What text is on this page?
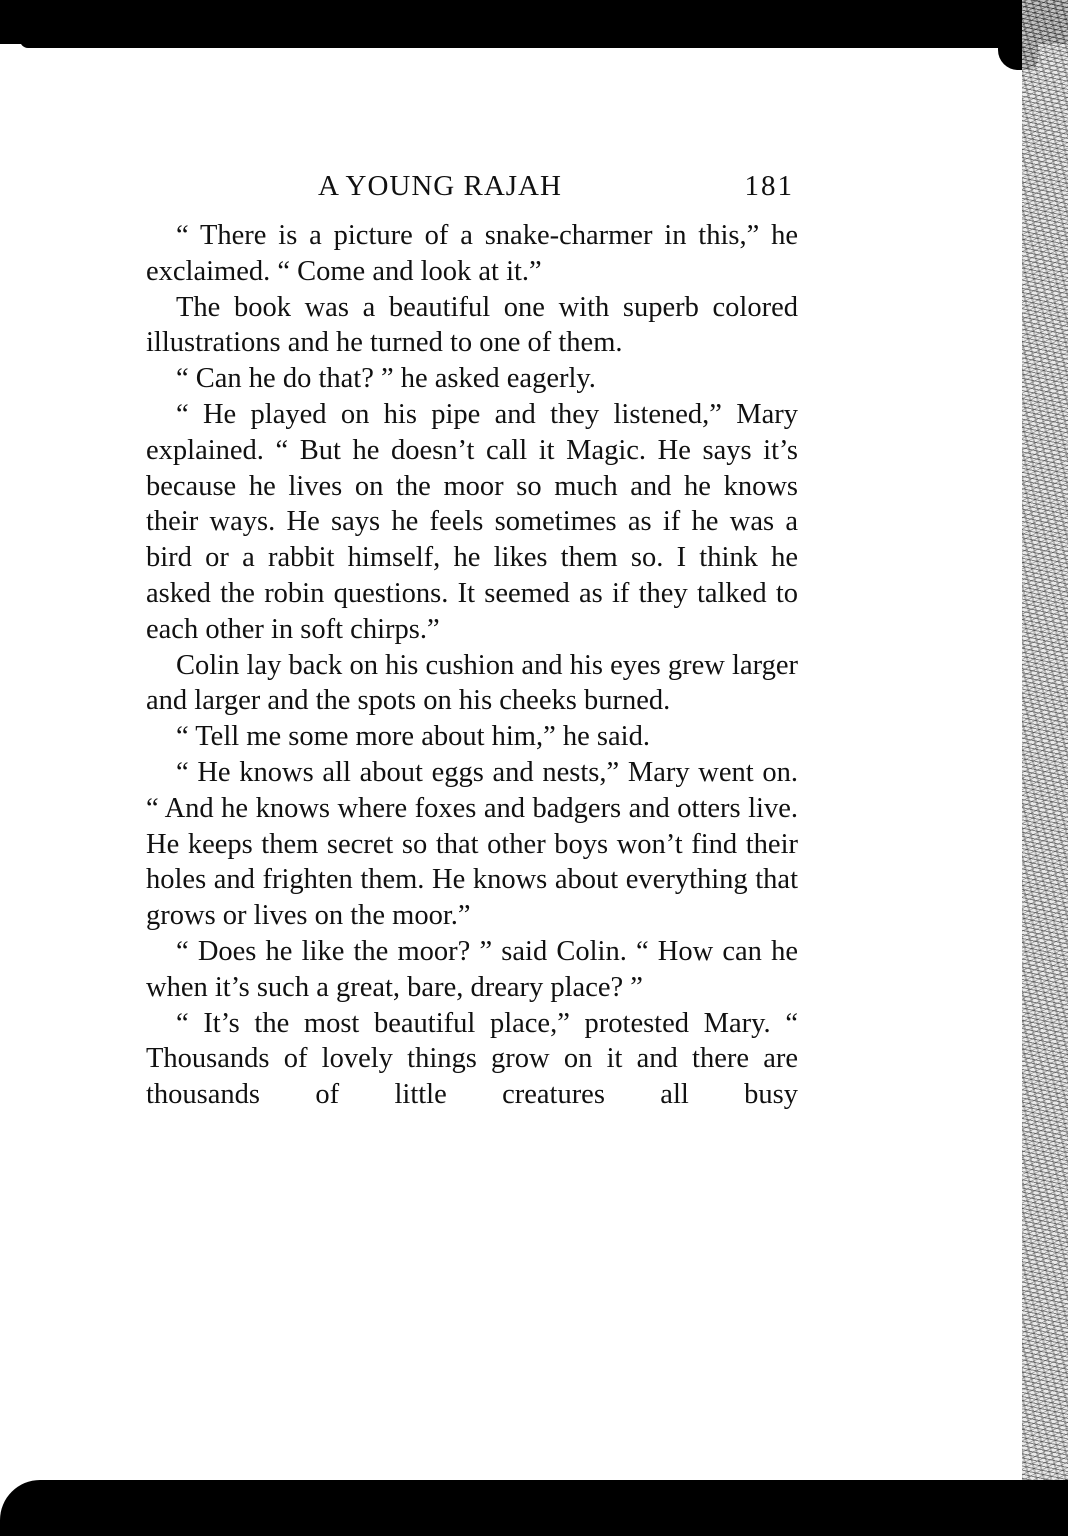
A YOUNG RAJAH	181

“ There is a picture of a snake-charmer in this,” he exclaimed. “ Come and look at it.”

The book was a beautiful one with superb colored illustrations and he turned to one of them.

“ Can he do that? ” he asked eagerly.

“ He played on his pipe and they listened,” Mary explained. “ But he doesn’t call it Magic. He says it’s because he lives on the moor so much and he knows their ways. He says he feels sometimes as if he was a bird or a rabbit himself, he likes them so. I think he asked the robin questions. It seemed as if they talked to each other in soft chirps.”

Colin lay back on his cushion and his eyes grew larger and larger and the spots on his cheeks burned.

“ Tell me some more about him,” he said.

“ He knows all about eggs and nests,” Mary went on. “ And he knows where foxes and badgers and otters live. He keeps them secret so that other boys won’t find their holes and frighten them. He knows about everything that grows or lives on the moor.”

“ Does he like the moor? ” said Colin. “ How can he when it’s such a great, bare, dreary place? ”

“ It’s the most beautiful place,” protested Mary. “ Thousands of lovely things grow on it and there are thousands of little creatures all busy
